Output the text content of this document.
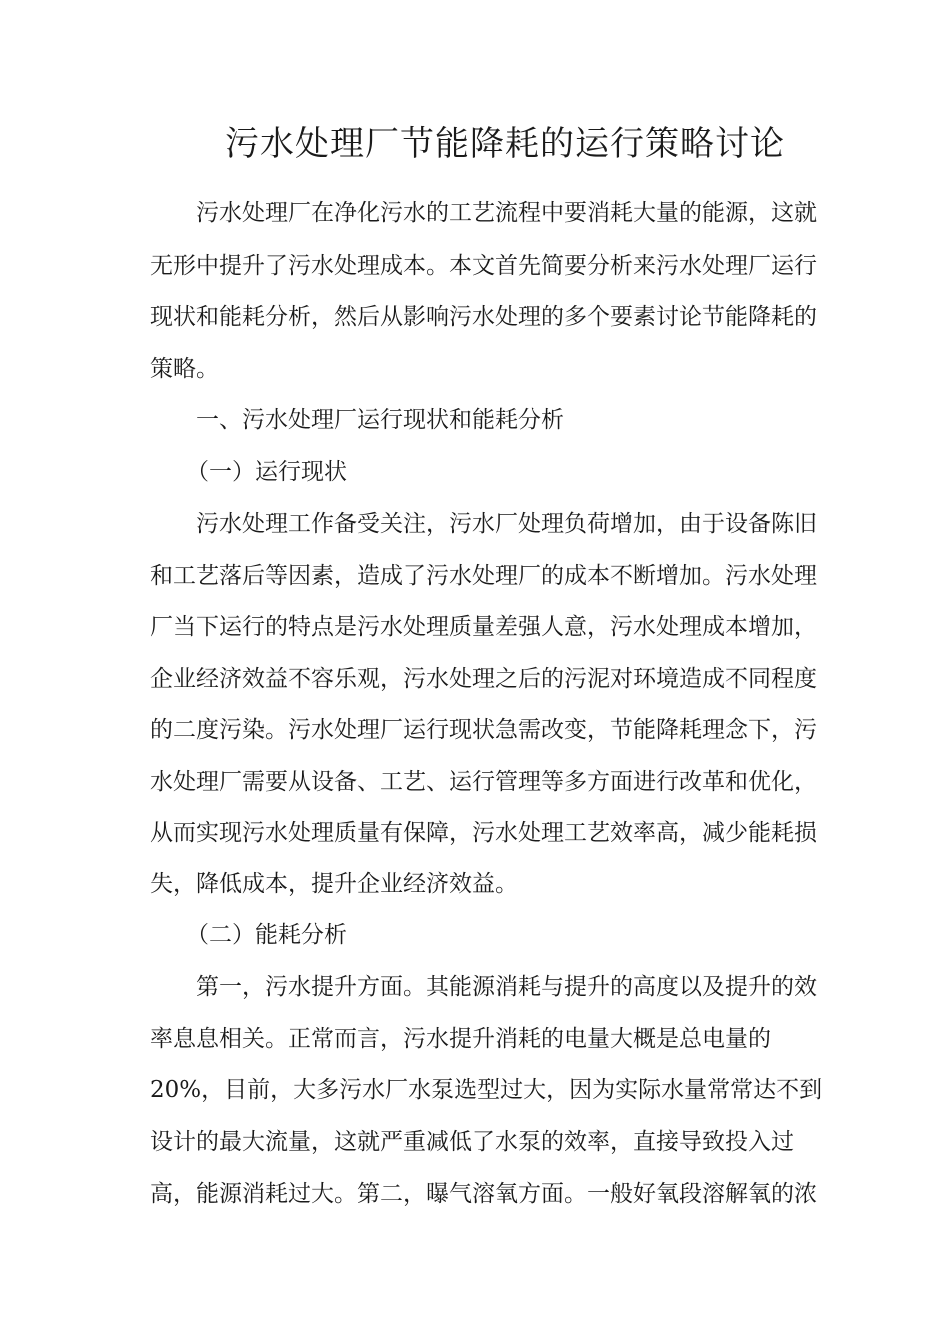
污水处理厂节能降耗的运行策略讨论
污水处理厂在净化污水的工艺流程中要消耗大量的能源，这就
无形中提升了污水处理成本。本文首先简要分析来污水处理厂运行
现状和能耗分析，然后从影响污水处理的多个要素讨论节能降耗的
策略。
一、污水处理厂运行现状和能耗分析
（一）运行现状
污水处理工作备受关注，污水厂处理负荷增加，由于设备陈旧
和工艺落后等因素，造成了污水处理厂的成本不断增加。污水处理
厂当下运行的特点是污水处理质量差强人意，污水处理成本增加，
企业经济效益不容乐观，污水处理之后的污泥对环境造成不同程度
的二度污染。污水处理厂运行现状急需改变，节能降耗理念下，污
水处理厂需要从设备、工艺、运行管理等多方面进行改革和优化，
从而实现污水处理质量有保障，污水处理工艺效率高，减少能耗损
失，降低成本，提升企业经济效益。
（二）能耗分析
第一，污水提升方面。其能源消耗与提升的高度以及提升的效
率息息相关。正常而言，污水提升消耗的电量大概是总电量的
20%，目前，大多污水厂水泵选型过大，因为实际水量常常达不到
设计的最大流量，这就严重减低了水泵的效率，直接导致投入过
高，能源消耗过大。第二，曝气溶氧方面。一般好氧段溶解氧的浓
